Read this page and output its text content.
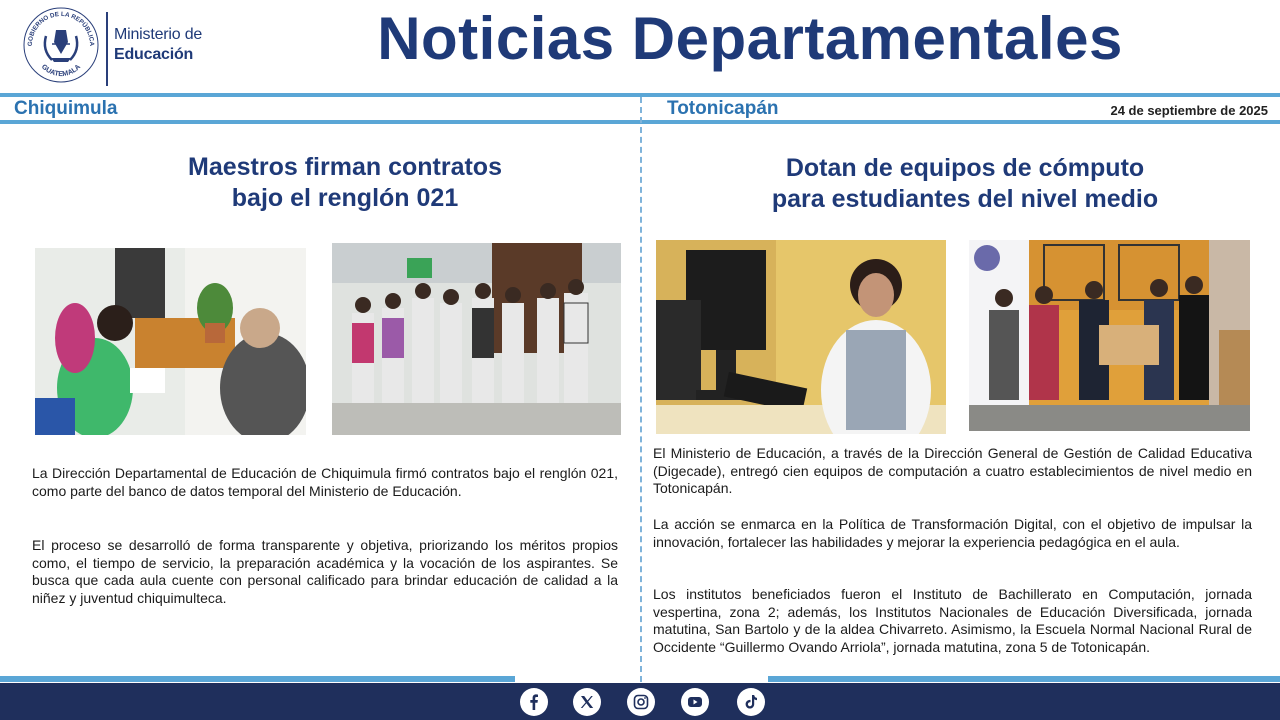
GOBIERNO DE LA REPÚBLICA
GUATEMALA
Ministerio de
Educación	Noticias Departamentales
Chiquimula	Totonicapán	24 de septiembre de 2025
Maestros firman contratos
bajo el renglón 021
La Dirección Departamental de Educación de Chiquimula firmó contratos bajo el renglón 021, como parte del banco de datos temporal del Ministerio de Educación.
El proceso se desarrolló de forma transparente y objetiva, priorizando los méritos propios como, el tiempo de servicio, la preparación académica y la vocación de los aspirantes. Se busca que cada aula cuente con personal calificado para brindar educación de calidad a la niñez y juventud chiquimulteca.
Dotan de equipos de cómputo
para estudiantes del nivel medio
El Ministerio de Educación, a través de la Dirección General de Gestión de Calidad Educativa (Digecade), entregó cien equipos de computación a cuatro establecimientos de nivel medio en Totonicapán.
La acción se enmarca en la Política de Transformación Digital, con el objetivo de impulsar la innovación, fortalecer las habilidades y mejorar la experiencia pedagógica en el aula.
Los institutos beneficiados fueron el Instituto de Bachillerato en Computación, jornada vespertina, zona 2; además, los Institutos Nacionales de Educación Diversificada, jornada matutina, San Bartolo y de la aldea Chivarreto. Asimismo, la Escuela Normal Nacional Rural de Occidente “Guillermo Ovando Arriola”, jornada matutina, zona 5 de Totonicapán.
